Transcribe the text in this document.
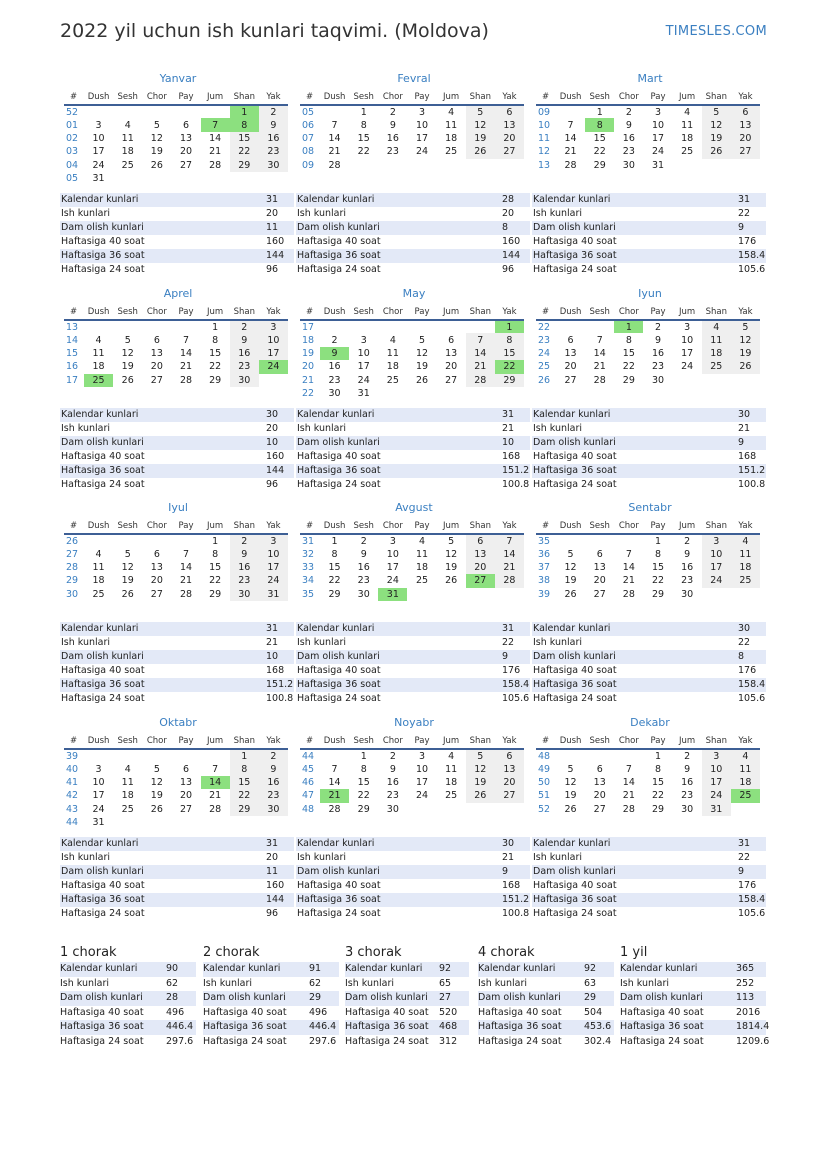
2022 yil uchun ish kunlari taqvimi. (Moldova)	TIMESLES.COM
Yanvar
#	Dush	Sesh	Chor	Pay	Jum	Shan	Yak
52						1	2
01	3	4	5	6	7	8	9
02	10	11	12	13	14	15	16
03	17	18	19	20	21	22	23
04	24	25	26	27	28	29	30
05	31						
Kalendar kunlari	31
Ish kunlari	20
Dam olish kunlari	11
Haftasiga 40 soat	160
Haftasiga 36 soat	144
Haftasiga 24 soat	96
Fevral
#	Dush	Sesh	Chor	Pay	Jum	Shan	Yak
05		1	2	3	4	5	6
06	7	8	9	10	11	12	13
07	14	15	16	17	18	19	20
08	21	22	23	24	25	26	27
09	28						
Kalendar kunlari	28
Ish kunlari	20
Dam olish kunlari	8
Haftasiga 40 soat	160
Haftasiga 36 soat	144
Haftasiga 24 soat	96
Mart
#	Dush	Sesh	Chor	Pay	Jum	Shan	Yak
09		1	2	3	4	5	6
10	7	8	9	10	11	12	13
11	14	15	16	17	18	19	20
12	21	22	23	24	25	26	27
13	28	29	30	31			
Kalendar kunlari	31
Ish kunlari	22
Dam olish kunlari	9
Haftasiga 40 soat	176
Haftasiga 36 soat	158.4
Haftasiga 24 soat	105.6
Aprel
#	Dush	Sesh	Chor	Pay	Jum	Shan	Yak
13					1	2	3
14	4	5	6	7	8	9	10
15	11	12	13	14	15	16	17
16	18	19	20	21	22	23	24
17	25	26	27	28	29	30	
Kalendar kunlari	30
Ish kunlari	20
Dam olish kunlari	10
Haftasiga 40 soat	160
Haftasiga 36 soat	144
Haftasiga 24 soat	96
May
#	Dush	Sesh	Chor	Pay	Jum	Shan	Yak
17							1
18	2	3	4	5	6	7	8
19	9	10	11	12	13	14	15
20	16	17	18	19	20	21	22
21	23	24	25	26	27	28	29
22	30	31					
Kalendar kunlari	31
Ish kunlari	21
Dam olish kunlari	10
Haftasiga 40 soat	168
Haftasiga 36 soat	151.2
Haftasiga 24 soat	100.8
Iyun
#	Dush	Sesh	Chor	Pay	Jum	Shan	Yak
22			1	2	3	4	5
23	6	7	8	9	10	11	12
24	13	14	15	16	17	18	19
25	20	21	22	23	24	25	26
26	27	28	29	30			
Kalendar kunlari	30
Ish kunlari	21
Dam olish kunlari	9
Haftasiga 40 soat	168
Haftasiga 36 soat	151.2
Haftasiga 24 soat	100.8
Iyul
#	Dush	Sesh	Chor	Pay	Jum	Shan	Yak
26					1	2	3
27	4	5	6	7	8	9	10
28	11	12	13	14	15	16	17
29	18	19	20	21	22	23	24
30	25	26	27	28	29	30	31
Kalendar kunlari	31
Ish kunlari	21
Dam olish kunlari	10
Haftasiga 40 soat	168
Haftasiga 36 soat	151.2
Haftasiga 24 soat	100.8
Avgust
#	Dush	Sesh	Chor	Pay	Jum	Shan	Yak
31	1	2	3	4	5	6	7
32	8	9	10	11	12	13	14
33	15	16	17	18	19	20	21
34	22	23	24	25	26	27	28
35	29	30	31				
Kalendar kunlari	31
Ish kunlari	22
Dam olish kunlari	9
Haftasiga 40 soat	176
Haftasiga 36 soat	158.4
Haftasiga 24 soat	105.6
Sentabr
#	Dush	Sesh	Chor	Pay	Jum	Shan	Yak
35				1	2	3	4
36	5	6	7	8	9	10	11
37	12	13	14	15	16	17	18
38	19	20	21	22	23	24	25
39	26	27	28	29	30		
Kalendar kunlari	30
Ish kunlari	22
Dam olish kunlari	8
Haftasiga 40 soat	176
Haftasiga 36 soat	158.4
Haftasiga 24 soat	105.6
Oktabr
#	Dush	Sesh	Chor	Pay	Jum	Shan	Yak
39						1	2
40	3	4	5	6	7	8	9
41	10	11	12	13	14	15	16
42	17	18	19	20	21	22	23
43	24	25	26	27	28	29	30
44	31						
Kalendar kunlari	31
Ish kunlari	20
Dam olish kunlari	11
Haftasiga 40 soat	160
Haftasiga 36 soat	144
Haftasiga 24 soat	96
Noyabr
#	Dush	Sesh	Chor	Pay	Jum	Shan	Yak
44		1	2	3	4	5	6
45	7	8	9	10	11	12	13
46	14	15	16	17	18	19	20
47	21	22	23	24	25	26	27
48	28	29	30				
Kalendar kunlari	30
Ish kunlari	21
Dam olish kunlari	9
Haftasiga 40 soat	168
Haftasiga 36 soat	151.2
Haftasiga 24 soat	100.8
Dekabr
#	Dush	Sesh	Chor	Pay	Jum	Shan	Yak
48				1	2	3	4
49	5	6	7	8	9	10	11
50	12	13	14	15	16	17	18
51	19	20	21	22	23	24	25
52	26	27	28	29	30	31	
Kalendar kunlari	31
Ish kunlari	22
Dam olish kunlari	9
Haftasiga 40 soat	176
Haftasiga 36 soat	158.4
Haftasiga 24 soat	105.6
1 chorak
Kalendar kunlari	90
Ish kunlari	62
Dam olish kunlari 28
Haftasiga 40 soat 496
Haftasiga 36 soat 446.4
Haftasiga 24 soat 297.6
2 chorak
Kalendar kunlari	91
Ish kunlari	62
Dam olish kunlari 29
Haftasiga 40 soat 496
Haftasiga 36 soat 446.4
Haftasiga 24 soat 297.6
3 chorak
Kalendar kunlari 92
Ish kunlari	65
Dam olish kunlari 27
Haftasiga 40 soat 520
Haftasiga 36 soat 468
Haftasiga 24 soat 312
4 chorak
Kalendar kunlari	92
Ish kunlari	63
Dam olish kunlari 29
Haftasiga 40 soat 504
Haftasiga 36 soat 453.6
Haftasiga 24 soat 302.4
1 yil
Kalendar kunlari	365
Ish kunlari	252
Dam olish kunlari	113
Haftasiga 40 soat	2016
Haftasiga 36 soat	1814.4
Haftasiga 24 soat	1209.6
